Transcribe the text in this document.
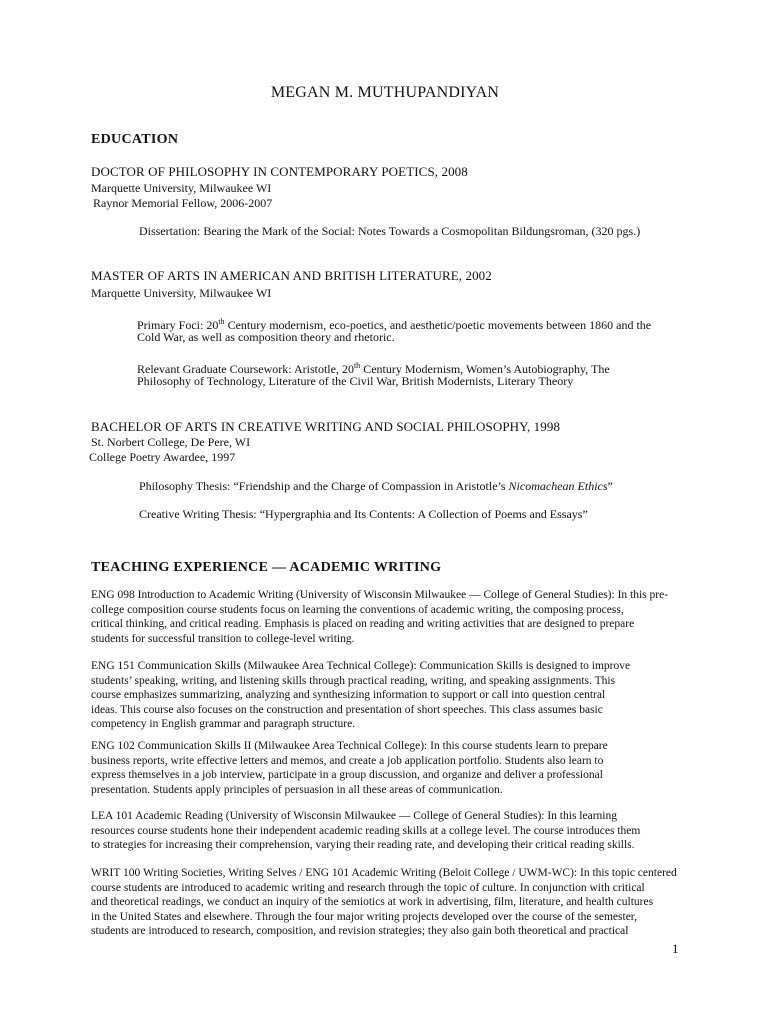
MEGAN M. MUTHUPANDIYAN
EDUCATION
DOCTOR OF PHILOSOPHY IN CONTEMPORARY POETICS, 2008
Marquette University, Milwaukee WI
Raynor Memorial Fellow, 2006-2007
Dissertation: Bearing the Mark of the Social: Notes Towards a Cosmopolitan Bildungsroman, (320 pgs.)
MASTER OF ARTS IN AMERICAN AND BRITISH LITERATURE, 2002
Marquette University, Milwaukee WI
Primary Foci: 20th Century modernism, eco-poetics, and aesthetic/poetic movements between 1860 and the
Cold War, as well as composition theory and rhetoric.
Relevant Graduate Coursework: Aristotle, 20th Century Modernism, Women’s Autobiography, The
Philosophy of Technology, Literature of the Civil War, British Modernists, Literary Theory
BACHELOR OF ARTS IN CREATIVE WRITING AND SOCIAL PHILOSOPHY, 1998
St. Norbert College, De Pere, WI
College Poetry Awardee, 1997
Philosophy Thesis: “Friendship and the Charge of Compassion in Aristotle’s Nicomachean Ethics”
Creative Writing Thesis: “Hypergraphia and Its Contents: A Collection of Poems and Essays”
TEACHING EXPERIENCE — ACADEMIC WRITING
ENG 098 Introduction to Academic Writing (University of Wisconsin Milwaukee — College of General Studies): In this pre-
college composition course students focus on learning the conventions of academic writing, the composing process,
critical thinking, and critical reading. Emphasis is placed on reading and writing activities that are designed to prepare
students for successful transition to college-level writing.
ENG 151 Communication Skills (Milwaukee Area Technical College): Communication Skills is designed to improve
students’ speaking, writing, and listening skills through practical reading, writing, and speaking assignments. This
course emphasizes summarizing, analyzing and synthesizing information to support or call into question central
ideas. This course also focuses on the construction and presentation of short speeches. This class assumes basic
competency in English grammar and paragraph structure.
ENG 102 Communication Skills II (Milwaukee Area Technical College): In this course students learn to prepare
business reports, write effective letters and memos, and create a job application portfolio. Students also learn to
express themselves in a job interview, participate in a group discussion, and organize and deliver a professional
presentation. Students apply principles of persuasion in all these areas of communication.
LEA 101 Academic Reading (University of Wisconsin Milwaukee — College of General Studies): In this learning
resources course students hone their independent academic reading skills at a college level. The course introduces them
to strategies for increasing their comprehension, varying their reading rate, and developing their critical reading skills.
WRIT 100 Writing Societies, Writing Selves / ENG 101 Academic Writing (Beloit College / UWM-WC): In this topic centered
course students are introduced to academic writing and research through the topic of culture. In conjunction with critical
and theoretical readings, we conduct an inquiry of the semiotics at work in advertising, film, literature, and health cultures
in the United States and elsewhere. Through the four major writing projects developed over the course of the semester,
students are introduced to research, composition, and revision strategies; they also gain both theoretical and practical
1
